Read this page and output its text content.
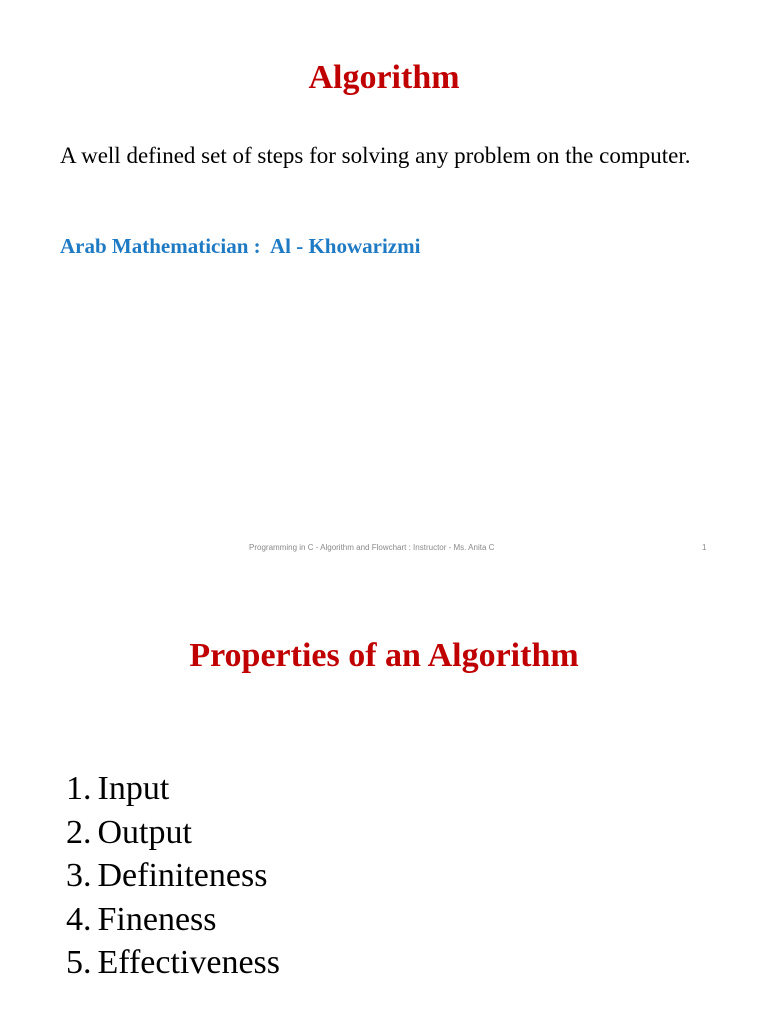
Algorithm

A well defined set of steps for solving any problem on the computer.

Arab Mathematician :  Al - Khowarizmi

Programming in C - Algorithm and Flowchart : Instructor - Ms. Anita C	1
Properties of an Algorithm
1. Input
2. Output
3. Definiteness
4. Fineness
5. Effectiveness
